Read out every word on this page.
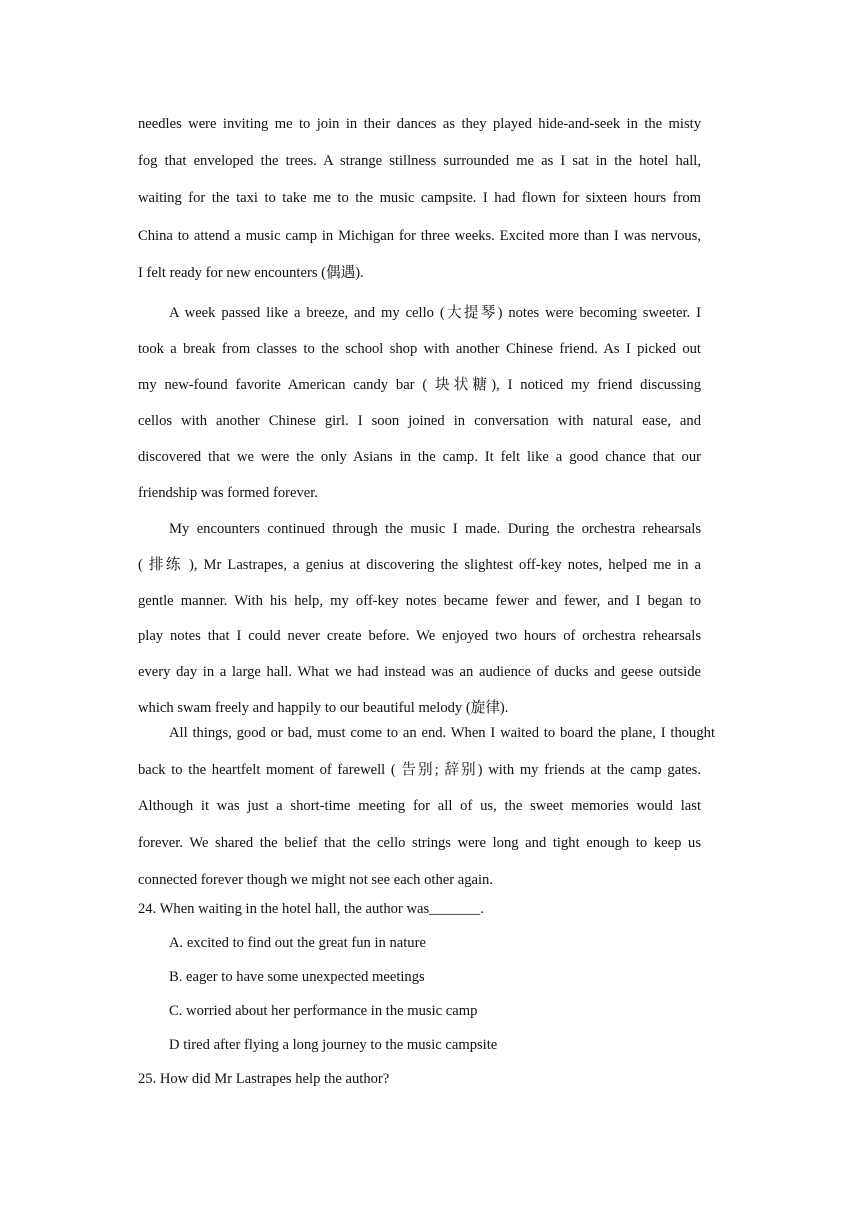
needles were inviting me to join in their dances as they played hide-and-seek in the misty
fog that enveloped the trees. A strange stillness surrounded me as I sat in the hotel hall,
waiting for the taxi to take me to the music campsite. I had flown for sixteen hours from
China to attend a music camp in Michigan for three weeks. Excited more than I was nervous,
I felt ready for new encounters (偶遇).
A week passed like a breeze, and my cello (大提琴) notes were becoming sweeter. I
took a break from classes to the school shop with another Chinese friend. As I picked out
my new-found favorite American candy bar ( 块状糖), I noticed my friend discussing
cellos with another Chinese girl. I soon joined in conversation with natural ease, and
discovered that we were the only Asians in the camp. It felt like a good chance that our
friendship was formed forever.
My encounters continued through the music I made. During the orchestra rehearsals
( 排练 ), Mr Lastrapes, a genius at discovering the slightest off-key notes, helped me in a
gentle manner. With his help, my off-key notes became fewer and fewer, and I began to
play notes that I could never create before. We enjoyed two hours of orchestra rehearsals
every day in a large hall. What we had instead was an audience of ducks and geese outside
which swam freely and happily to our beautiful melody (旋律).
All things, good or bad, must come to an end. When I waited to board the plane, I thought
back to the heartfelt moment of farewell ( 告别; 辞别) with my friends at the camp gates.
Although it was just a short-time meeting for all of us, the sweet memories would last
forever. We shared the belief that the cello strings were long and tight enough to keep us
connected forever though we might not see each other again.
24. When waiting in the hotel hall, the author was_______.
A. excited to find out the great fun in nature
B. eager to have some unexpected meetings
C. worried about her performance in the music camp
D tired after flying a long journey to the music campsite
25. How did Mr Lastrapes help the author?
